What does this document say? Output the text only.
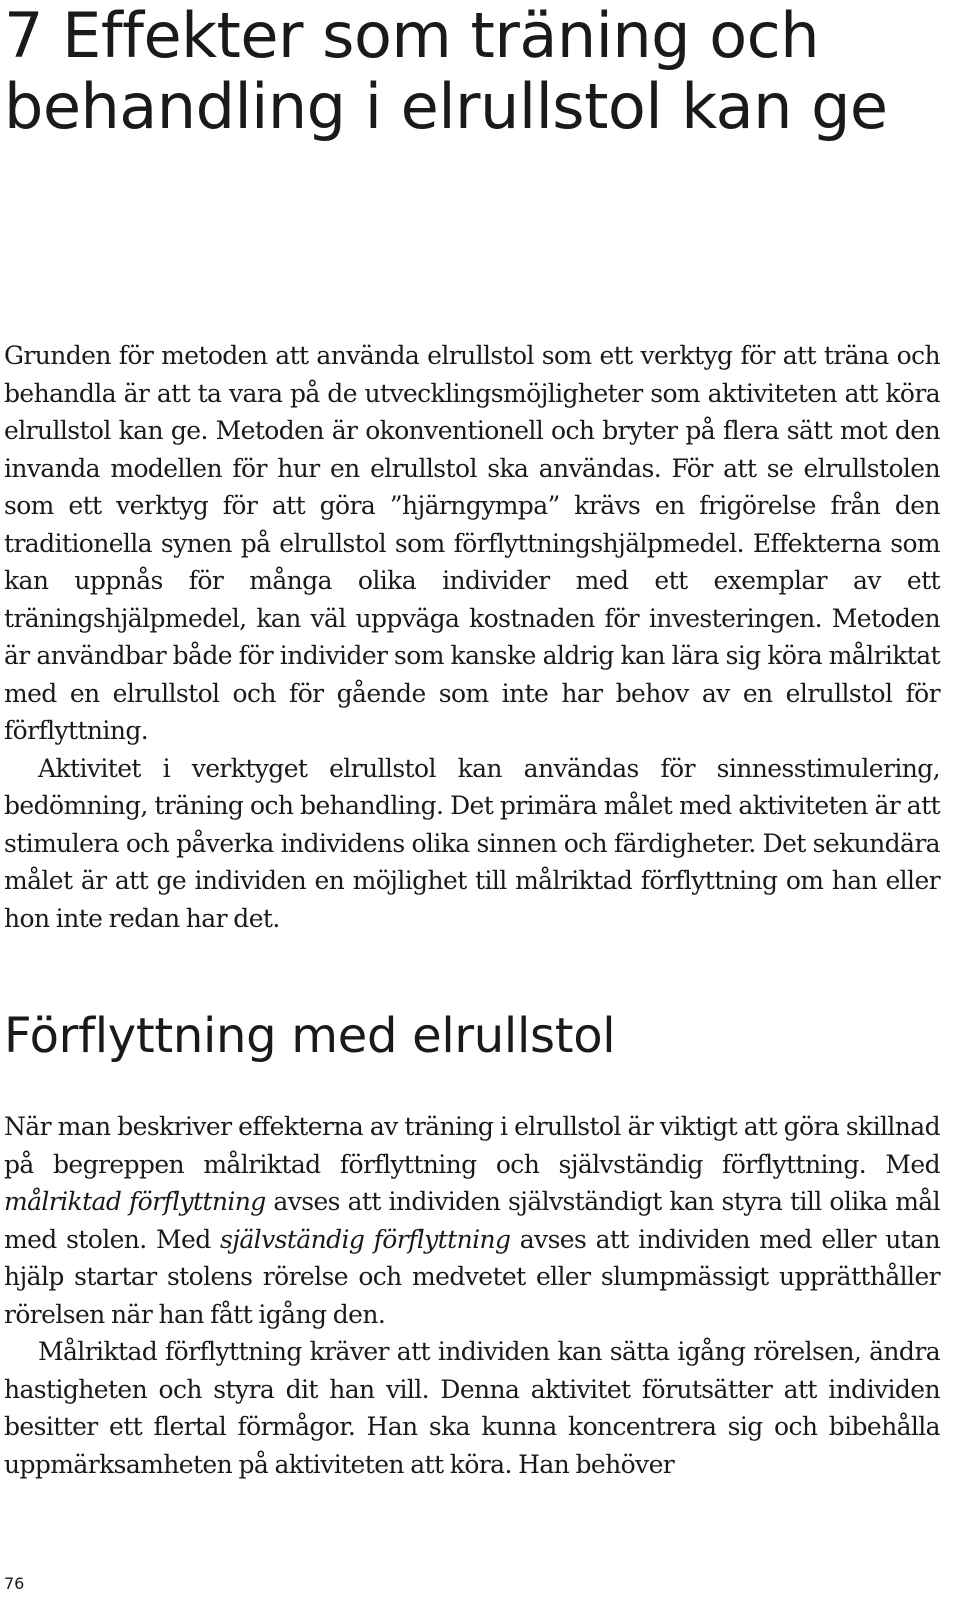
7 Effekter som träning och behandling i elrullstol kan ge

Grunden för metoden att använda elrullstol som ett verktyg för att träna och behandla är att ta vara på de utvecklingsmöjligheter som aktiviteten att köra elrullstol kan ge. Metoden är okonventionell och bryter på flera sätt mot den invanda modellen för hur en elrullstol ska användas. För att se elrullstolen som ett verktyg för att göra ”hjärngympa” krävs en frigörelse från den traditionella synen på elrullstol som förflyttningshjälpmedel. Effekterna som kan uppnås för många olika individer med ett exemplar av ett träningshjälpmedel, kan väl uppväga kostnaden för investeringen. Metoden är användbar både för individer som kanske aldrig kan lära sig köra målriktat med en elrullstol och för gående som inte har behov av en elrullstol för förflyttning.

Aktivitet i verktyget elrullstol kan användas för sinnesstimulering, bedömning, träning och behandling. Det primära målet med aktiviteten är att stimulera och påverka individens olika sinnen och färdigheter. Det sekundära målet är att ge individen en möjlighet till målriktad förflyttning om han eller hon inte redan har det.

Förflyttning med elrullstol

När man beskriver effekterna av träning i elrullstol är viktigt att göra skillnad på begreppen målriktad förflyttning och självständig förflyttning. Med målriktad förflyttning avses att individen självständigt kan styra till olika mål med stolen. Med självständig förflyttning avses att individen med eller utan hjälp startar stolens rörelse och medvetet eller slumpmässigt upprätthåller rörelsen när han fått igång den.

Målriktad förflyttning kräver att individen kan sätta igång rörelsen, ändra hastigheten och styra dit han vill. Denna aktivitet förutsätter att individen besitter ett flertal förmågor. Han ska kunna koncentrera sig och bibehålla uppmärksamheten på aktiviteten att köra. Han behöver

76
